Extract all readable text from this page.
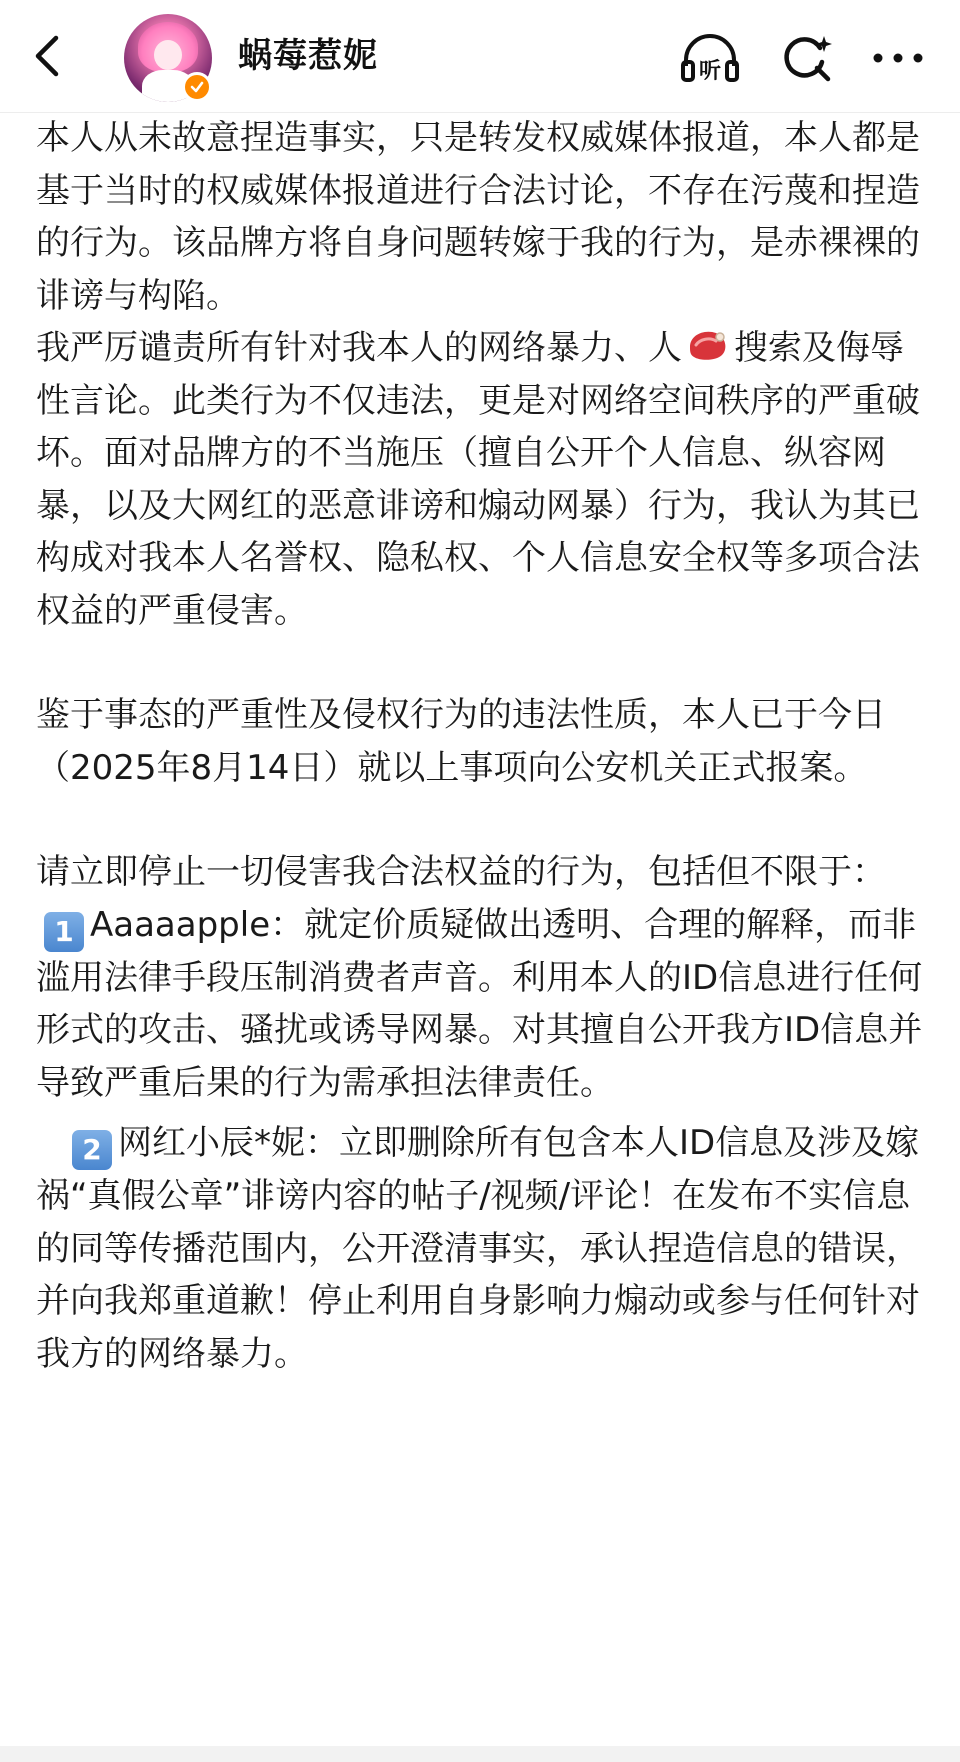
蜗莓惹妮	听

本人从未故意捏造事实，只是转发权威媒体报道，本人都是基于当时的权威媒体报道进行合法讨论，不存在污蔑和捏造的行为。该品牌方将自身问题转嫁于我的行为，是赤裸裸的诽谤与构陷。

我严厉谴责所有针对我本人的网络暴力、人 搜索及侮辱性言论。此类行为不仅违法，更是对网络空间秩序的严重破坏。面对品牌方的不当施压（擅自公开个人信息、纵容网暴，以及大网红的恶意诽谤和煽动网暴）行为，我认为其已构成对我本人名誉权、隐私权、个人信息安全权等多项合法权益的严重侵害。

鉴于事态的严重性及侵权行为的违法性质，本人已于今日（2025年8月14日）就以上事项向公安机关正式报案。

请立即停止一切侵害我合法权益的行为，包括但不限于：

1 Aaaaapple：就定价质疑做出透明、合理的解释，而非滥用法律手段压制消费者声音。利用本人的ID信息进行任何形式的攻击、骚扰或诱导网暴。对其擅自公开我方ID信息并导致严重后果的行为需承担法律责任。

2 网红小辰*妮：立即删除所有包含本人ID信息及涉及嫁祸“真假公章”诽谤内容的帖子/视频/评论！在发布不实信息的同等传播范围内，公开澄清事实，承认捏造信息的错误，并向我郑重道歉！停止利用自身影响力煽动或参与任何针对我方的网络暴力。
